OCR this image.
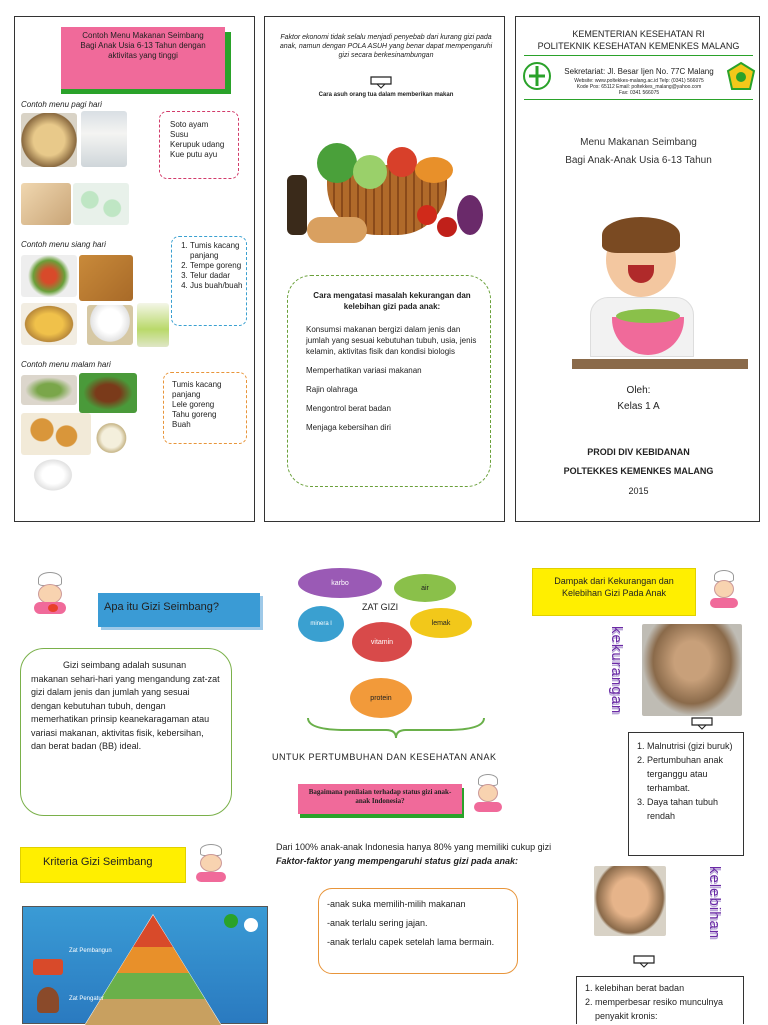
Contoh Menu Makanan Seimbang Bagi Anak Usia 6-13 Tahun dengan aktivitas yang tinggi
Contoh menu pagi hari
Soto ayam
Susu
Kerupuk udang
Kue putu ayu
Contoh menu siang hari
1.	Tumis kacang panjang
2. Tempe goreng
3. Telur dadar
4. Jus buah/buah
Contoh menu malam hari
Tumis kacang panjang
Lele goreng
Tahu goreng
Buah
Faktor ekonomi tidak selalu menjadi penyebab dari kurang gizi pada anak, namun dengan POLA ASUH yang benar dapat mempengaruhi gizi secara berkesinambungan
Cara asuh orang tua dalam memberikan makan
Cara mengatasi masalah kekurangan dan kelebihan gizi pada anak:
Konsumsi makanan bergizi dalam jenis dan jumlah yang sesuai kebutuhan tubuh, usia, jenis kelamin, aktivitas fisik dan kondisi biologis
Memperhatikan variasi makanan
Rajin olahraga
Mengontrol berat badan
Menjaga kebersihan diri
KEMENTERIAN KESEHATAN RI
POLITEKNIK KESEHATAN KEMENKES MALANG
Sekretariat: Jl. Besar Ijen No. 77C Malang
Website: www.poltekkes-malang.ac.id Telp: (0341) 566075
Kode Pos: 65112 Email: poltekkes_malang@yahoo.com
Fax: 0341 566075
Menu Makanan Seimbang
Bagi Anak-Anak Usia 6-13 Tahun
Oleh:
Kelas 1 A
PRODI DIV KEBIDANAN
POLTEKKES KEMENKES MALANG
2015
Apa itu Gizi Seimbang?
Gizi seimbang adalah susunan makanan sehari-hari yang mengandung zat-zat gizi dalam jenis dan jumlah yang sesuai dengan kebutuhan tubuh, dengan memerhatikan prinsip keanekaragaman atau variasi makanan, aktivitas fisik, kebersihan, dan berat badan (BB) ideal.
Kriteria Gizi Seimbang
Zat Pembangun
Zat Pengatur
karbo
air
ZAT GIZI
minera l	lemak
vitamin
protein
UNTUK PERTUMBUHAN DAN KESEHATAN ANAK
Bagaimana penilaian terhadap status gizi anak-anak Indonesia?
Dari 100% anak-anak Indonesia hanya 80% yang memiliki cukup gizi
Faktor-faktor yang mempengaruhi status gizi pada anak:
-anak suka memilih-milih makanan
-anak terlalu sering jajan.
-anak terlalu capek setelah lama bermain.
Dampak dari Kekurangan dan Kelebihan Gizi Pada Anak
kekurangan
1. Malnutrisi (gizi buruk)
2. Pertumbuhan anak terganggu atau terhambat.
3. Daya tahan tubuh rendah
kelebihan
1. kelebihan berat badan
2. memperbesar resiko munculnya penyakit kronis:
